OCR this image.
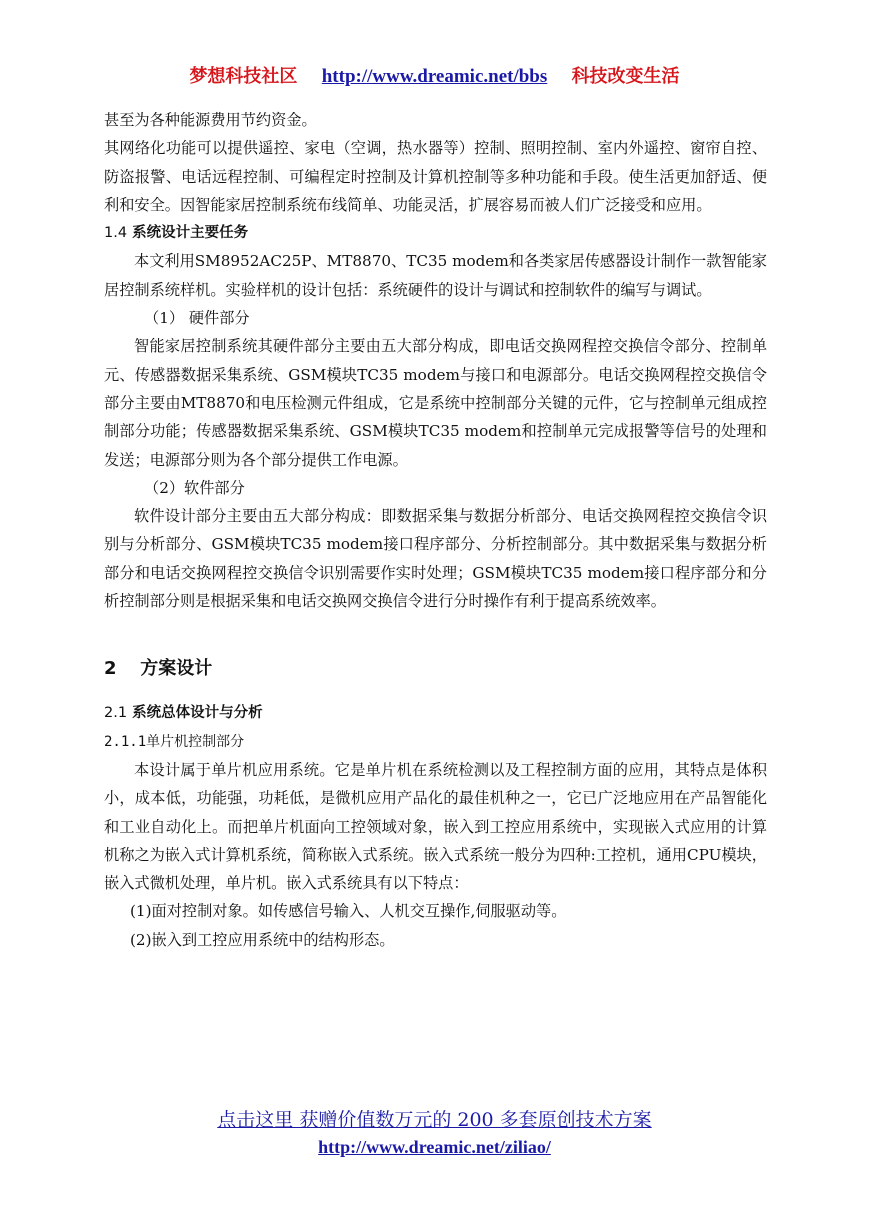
梦想科技社区 http://www.dreamic.net/bbs 科技改变生活

甚至为各种能源费用节约资金。

其网络化功能可以提供遥控、家电（空调，热水器等）控制、照明控制、室内外遥控、窗帘自控、防盗报警、电话远程控制、可编程定时控制及计算机控制等多种功能和手段。使生活更加舒适、便利和安全。因智能家居控制系统布线简单、功能灵活，扩展容易而被人们广泛接受和应用。

1.4 系统设计主要任务

本文利用SM8952AC25P、MT8870、TC35 modem和各类家居传感器设计制作一款智能家居控制系统样机。实验样机的设计包括：系统硬件的设计与调试和控制软件的编写与调试。

（1） 硬件部分

智能家居控制系统其硬件部分主要由五大部分构成，即电话交换网程控交换信令部分、控制单元、传感器数据采集系统、GSM模块TC35 modem与接口和电源部分。电话交换网程控交换信令部分主要由MT8870和电压检测元件组成，它是系统中控制部分关键的元件，它与控制单元组成控制部分功能；传感器数据采集系统、GSM模块TC35 modem和控制单元完成报警等信号的处理和发送；电源部分则为各个部分提供工作电源。

（2）软件部分

软件设计部分主要由五大部分构成：即数据采集与数据分析部分、电话交换网程控交换信令识别与分析部分、GSM模块TC35 modem接口程序部分、分析控制部分。其中数据采集与数据分析部分和电话交换网程控交换信令识别需要作实时处理；GSM模块TC35 modem接口程序部分和分析控制部分则是根据采集和电话交换网交换信令进行分时操作有利于提高系统效率。

2 方案设计

2.1 系统总体设计与分析

2.1.1单片机控制部分

本设计属于单片机应用系统。它是单片机在系统检测以及工程控制方面的应用，其特点是体积小，成本低，功能强，功耗低，是微机应用产品化的最佳机种之一，它已广泛地应用在产品智能化和工业自动化上。而把单片机面向工控领域对象，嵌入到工控应用系统中，实现嵌入式应用的计算机称之为嵌入式计算机系统，简称嵌入式系统。嵌入式系统一般分为四种:工控机，通用CPU模块，嵌入式微机处理，单片机。嵌入式系统具有以下特点：

(1)面对控制对象。如传感信号输入、人机交互操作,伺服驱动等。

(2)嵌入到工控应用系统中的结构形态。

点击这里 获赠价值数万元的 200 多套原创技术方案
http://www.dreamic.net/ziliao/
